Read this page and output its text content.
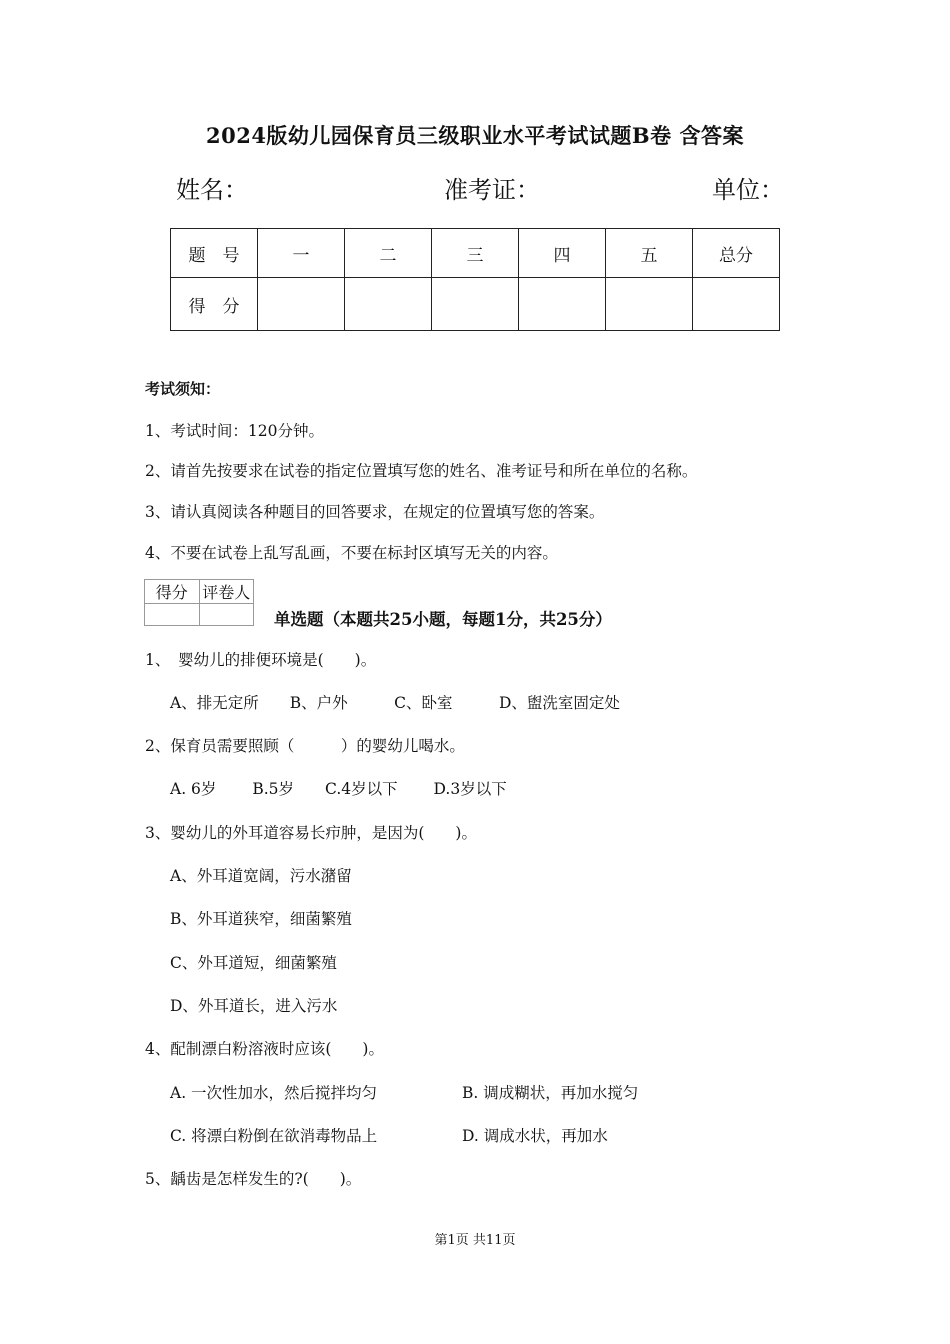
2024版幼儿园保育员三级职业水平考试试题B卷 含答案
姓名：	准考证：	单位：
题　号	一	二	三	四	五	总分
得　分						
考试须知：
1、考试时间：120分钟。
2、请首先按要求在试卷的指定位置填写您的姓名、准考证号和所在单位的名称。
3、请认真阅读各种题目的回答要求，在规定的位置填写您的答案。
4、不要在试卷上乱写乱画，不要在标封区填写无关的内容。
得分	评卷人

单选题（本题共25小题，每题1分，共25分）
1、　婴幼儿的排便环境是(　　)。
A、排无定所　　B、户外　　　C、卧室　　　D、盥洗室固定处
2、保育员需要照顾（　　　）的婴幼儿喝水。
A. 6岁　　 B.5岁　　C.4岁以下　　 D.3岁以下
3、婴幼儿的外耳道容易长疖肿，是因为(　　)。
A、外耳道宽阔，污水潴留
B、外耳道狭窄，细菌繁殖
C、外耳道短，细菌繁殖
D、外耳道长，进入污水
4、配制漂白粉溶液时应该(　　)。
A. 一次性加水，然后搅拌均匀	B. 调成糊状，再加水搅匀
C. 将漂白粉倒在欲消毒物品上	D. 调成水状，再加水
5、龋齿是怎样发生的?(　　)。
第1页 共11页
